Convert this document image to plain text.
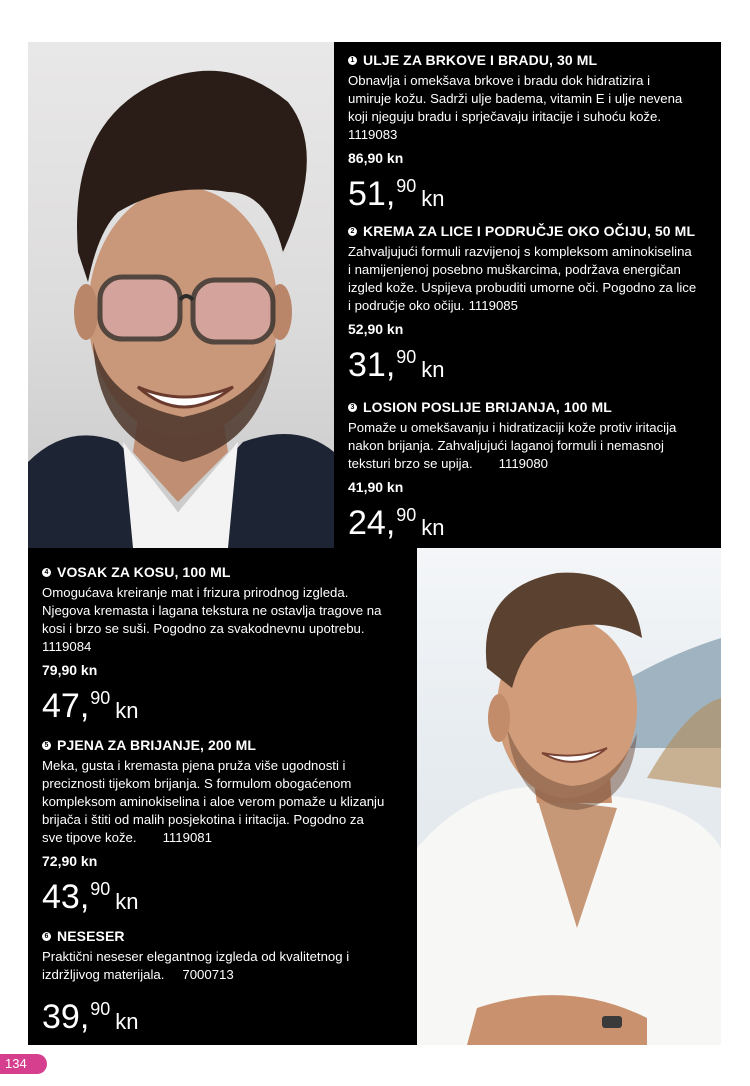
1 ULJE ZA BRKOVE I BRADU, 30 ML
Obnavlja i omekšava brkove i bradu dok hidratizira i
umiruje kožu. Sadrži ulje badema, vitamin E i ulje nevena
koji njeguju bradu i sprječavaju iritacije i suhoću kože.
1119083
86,90 kn
51,90 kn
2 KREMA ZA LICE I PODRUČJE OKO OČIJU, 50 ML
Zahvaljujući formuli razvijenoj s kompleksom aminokiselina
i namijenjenoj posebno muškarcima, podržava energičan
izgled kože. Uspijeva probuditi umorne oči. Pogodno za lice
i područje oko očiju. 1119085
52,90 kn
31,90 kn
3 LOSION POSLIJE BRIJANJA, 100 ML
Pomaže u omekšavanju i hidratizaciji kože protiv iritacija
nakon brijanja. Zahvaljujući laganoj formuli i nemasnoj
teksturi brzo se upija. 1119080
41,90 kn
24,90 kn
4 VOSAK ZA KOSU, 100 ML
Omogućava kreiranje mat i frizura prirodnog izgleda.
Njegova kremasta i lagana tekstura ne ostavlja tragove na
kosi i brzo se suši. Pogodno za svakodnevnu upotrebu.
1119084
79,90 kn
47,90 kn
5 PJENA ZA BRIJANJE, 200 ML
Meka, gusta i kremasta pjena pruža više ugodnosti i
preciznosti tijekom brijanja. S formulom obogaćenom
kompleksom aminokiselina i aloe verom pomaže u klizanju
brijača i štiti od malih posjekotina i iritacija. Pogodno za
sve tipove kože. 1119081
72,90 kn
43,90 kn
6 NESESER
Praktični neseser elegantnog izgleda od kvalitetnog i
izdržljivog materijala. 7000713
39,90 kn
134
